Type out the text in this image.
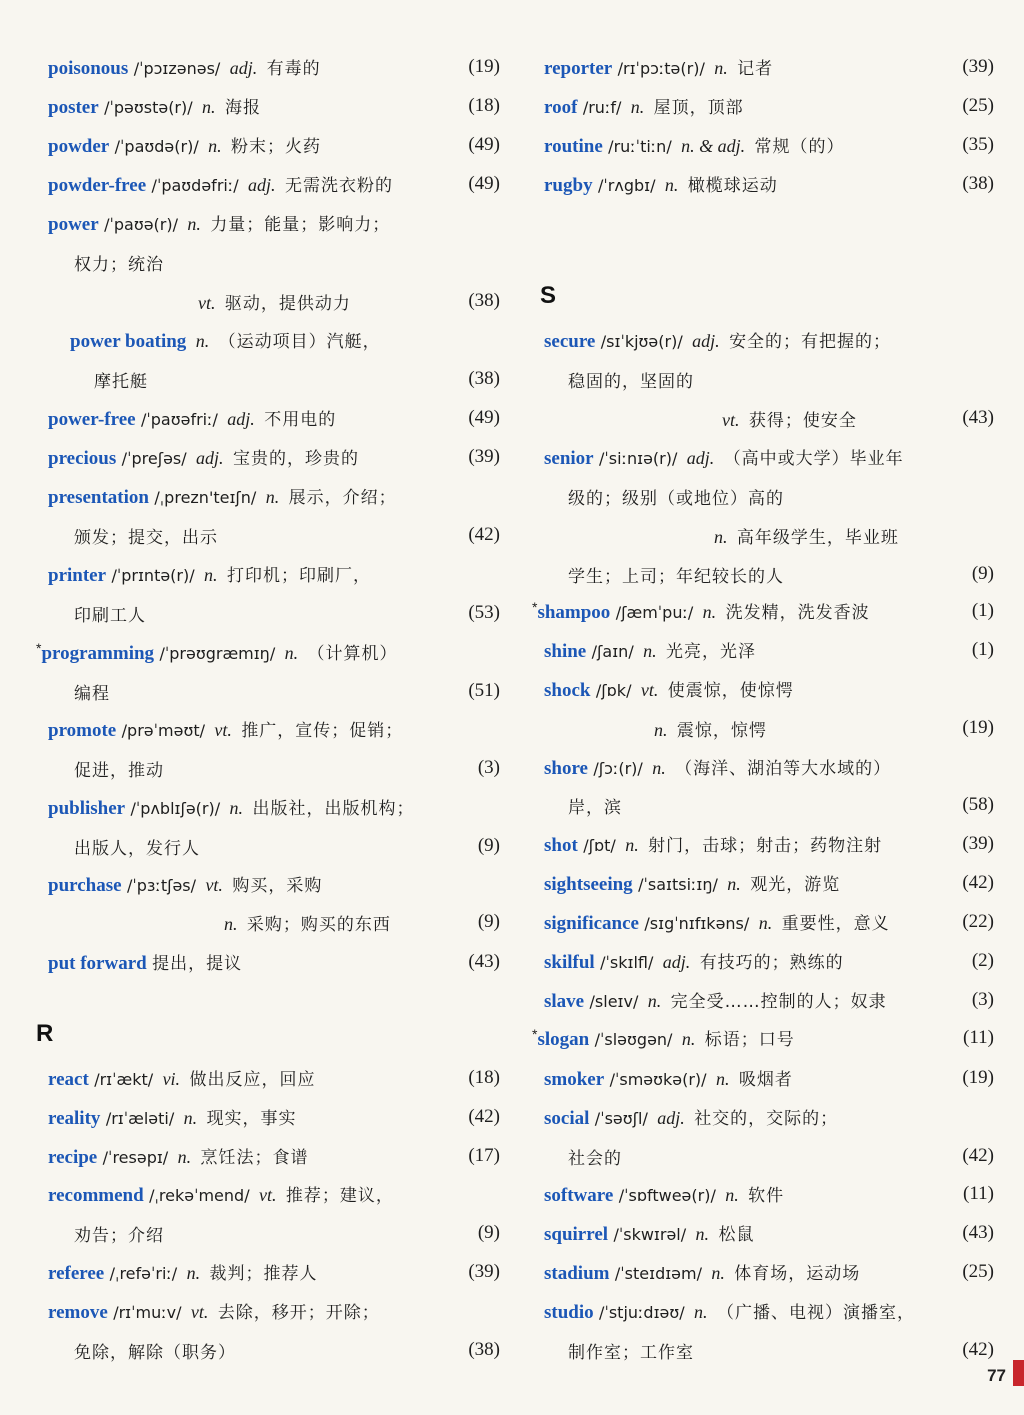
poisonous /ˈpɔɪzənəs/ adj. 有毒的	(19)
poster /ˈpəʊstə(r)/ n. 海报	(18)
powder /ˈpaʊdə(r)/ n. 粉末；火药	(49)
powder-free /ˈpaʊdəfriː/ adj. 无需洗衣粉的	(49)
power /ˈpaʊə(r)/ n. 力量；能量；影响力；
权力；统治
vt. 驱动，提供动力	(38)
power boating n. （运动项目）汽艇，
摩托艇	(38)
power-free /ˈpaʊəfriː/ adj. 不用电的	(49)
precious /ˈpreʃəs/ adj. 宝贵的，珍贵的	(39)
presentation /ˌprezn'teɪʃn/ n. 展示，介绍；
颁发；提交，出示	(42)
printer /ˈprɪntə(r)/ n. 打印机；印刷厂，
印刷工人	(53)
*programming /ˈprəʊgræmɪŋ/ n. （计算机）
编程	(51)
promote /prəˈməʊt/ vt. 推广，宣传；促销；
促进，推动	(3)
publisher /ˈpʌblɪʃə(r)/ n. 出版社，出版机构；
出版人，发行人	(9)
purchase /ˈpɜːtʃəs/ vt. 购买，采购
n. 采购；购买的东西	(9)
put forward 提出，提议	(43)
react /rɪˈækt/ vi. 做出反应，回应	(18)
reality /rɪˈæləti/ n. 现实，事实	(42)
recipe /ˈresəpɪ/ n. 烹饪法；食谱	(17)
recommend /ˌrekəˈmend/ vt. 推荐；建议，
劝告；介绍	(9)
referee /ˌrefəˈriː/ n. 裁判；推荐人	(39)
remove /rɪˈmuːv/ vt. 去除，移开；开除；
免除，解除（职务）	(38)
reporter /rɪˈpɔːtə(r)/ n. 记者	(39)
roof /ruːf/ n. 屋顶，顶部	(25)
routine /ruːˈtiːn/ n. & adj. 常规（的）	(35)
rugby /ˈrʌgbɪ/ n. 橄榄球运动	(38)
secure /sɪˈkjʊə(r)/ adj. 安全的；有把握的；
稳固的，坚固的
vt. 获得；使安全	(43)
senior /ˈsiːnɪə(r)/ adj. （高中或大学）毕业年
级的；级别（或地位）高的
n. 高年级学生，毕业班
学生；上司；年纪较长的人	(9)
*shampoo /ʃæmˈpuː/ n. 洗发精，洗发香波	(1)
shine /ʃaɪn/ n. 光亮，光泽	(1)
shock /ʃɒk/ vt. 使震惊，使惊愕
n. 震惊，惊愕	(19)
shore /ʃɔː(r)/ n. （海洋、湖泊等大水域的）
岸，滨	(58)
shot /ʃɒt/ n. 射门，击球；射击；药物注射	(39)
sightseeing /ˈsaɪtsiːɪŋ/ n. 观光，游览	(42)
significance /sɪgˈnɪfɪkəns/ n. 重要性，意义	(22)
skilful /ˈskɪlfl/ adj. 有技巧的；熟练的	(2)
slave /sleɪv/ n. 完全受……控制的人；奴隶	(3)
*slogan /ˈsləʊgən/ n. 标语；口号	(11)
smoker /ˈsməʊkə(r)/ n. 吸烟者	(19)
social /ˈsəʊʃl/ adj. 社交的，交际的；
社会的	(42)
software /ˈsɒftweə(r)/ n. 软件	(11)
squirrel /ˈskwɪrəl/ n. 松鼠	(43)
stadium /ˈsteɪdɪəm/ n. 体育场，运动场	(25)
studio /ˈstjuːdɪəʊ/ n. （广播、电视）演播室，
制作室；工作室	(42)
R
S
77
